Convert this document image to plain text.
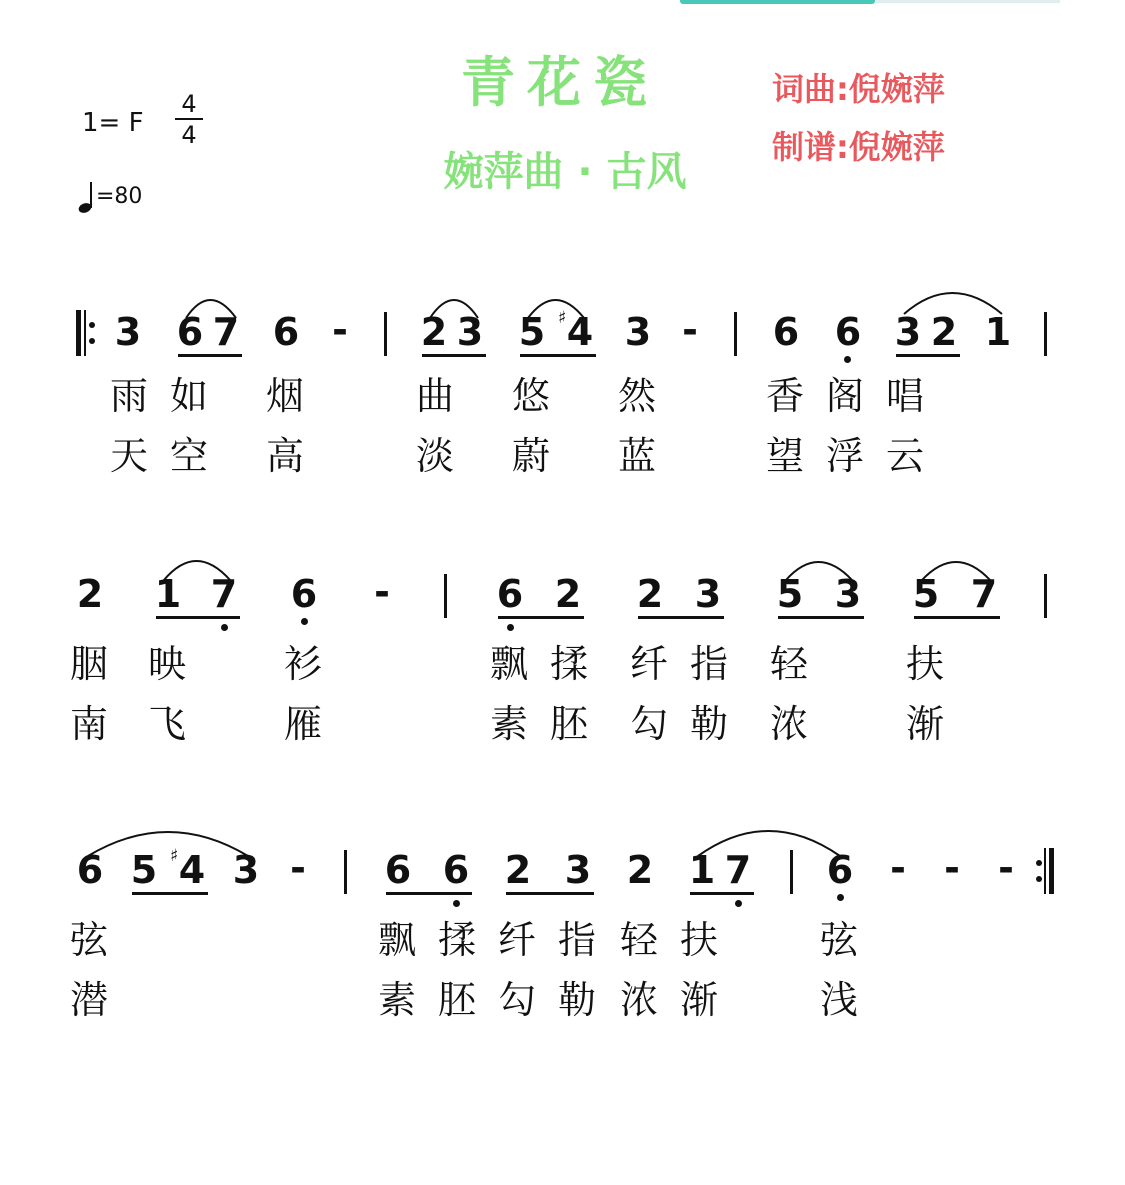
1= F
4
4
=80
青花瓷
婉萍曲 · 古风
词曲:倪婉萍
制谱:倪婉萍
3 6 7 6 - 2 3 5 ♯ 4 3 - 6 6 3 2 1
雨 如 烟	曲 悠 然	香 阁 唱
天 空 高	淡 蔚 蓝	望 浮 云
2 1 7 6 -	6 2 2 3 5 3 5 7
胭 映	衫	飘 揉 纤 指 轻	扶
南 飞	雁	素 胚 勾 勒 浓	渐
6 5 ♯ 4 3 - 6 6 2 3 2 1 7 6 - - -
弦	飘 揉 纤 指 轻 扶	弦
潜	素 胚 勾 勒 浓 渐	浅
